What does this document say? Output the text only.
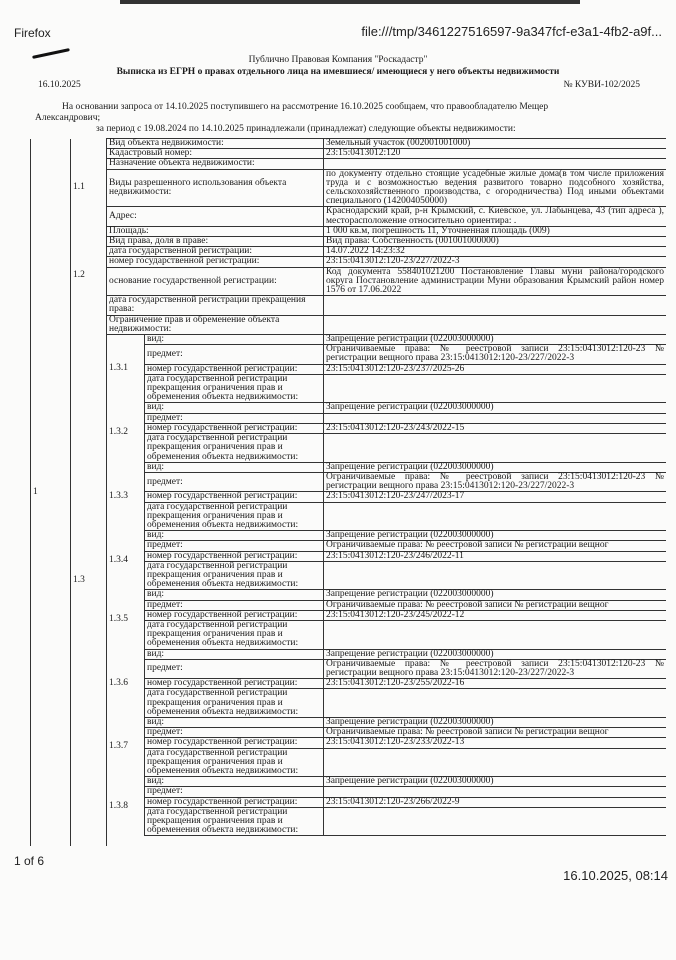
Firefox	file:///tmp/3461227516597-9a347fcf-e3a1-4fb2-a9f...
Публично Правовая Компания "Роскадастр"
Выписка из ЕГРН о правах отдельного лица на имевшиеся/ имеющиеся у него объекты недвижимости
16.10.2025	№ КУВИ-102/2025
На основании запроса от 14.10.2025 поступившего на рассмотрение 16.10.2025 сообщаем, что правообладателю Мещер
Александрович;
за период с 19.08.2024 по 14.10.2025 принадлежали (принадлежат) следующие объекты недвижимости:
1	1.1	Вид объекта недвижимости:		Земельный участок (002001001000)
		Кадастровый номер:		23:15:0413012:120
		Назначение объекта недвижимости:		
		Виды разрешенного использования объекта недвижимости:		по документу отдельно стоящие усадебные жилые дома(в том числе приложения труда и с возможностью ведения развитого товарно подсобного хозяйства, сельскохозяйственного производства, с огородничества) Под иными объектами специального (142004050000)
		Адрес:		Краснодарский край, р-н Крымский, с. Киевское, ул. Лабынцева, 43 (тип адреса ), месторасположение относительно ориентира: .
		Площадь:		1 000 кв.м, погрешность 11, Уточненная площадь (009)
	1.2	Вид права, доля в праве:		Вид права: Собственность (001001000000)
		дата государственной регистрации:		14.07.2022 14:23:32
		номер государственной регистрации:		23:15:0413012:120-23/227/2022-3
		основание государственной регистрации:		Код документа 558401021200 Постановление Главы муни района/городского округа Постановление администрации Муни образования Крымский район номер 1576 от 17.06.2022
		дата государственной регистрации прекращения права:		
	1.3	Ограничение прав и обременение объекта недвижимости:		
		1.3.1	вид:	Запрещение регистрации (022003000000)
			предмет:	Ограничиваемые права: № реестровой записи 23:15:0413012:120-23 № регистрации вещного права 23:15:0413012:120-23/227/2022-3
			номер государственной регистрации:	23:15:0413012:120-23/237/2025-26
			дата государственной регистрации прекращения ограничения прав и обременения объекта недвижимости:	
		1.3.2	вид:	Запрещение регистрации (022003000000)
			предмет:	
			номер государственной регистрации:	23:15:0413012:120-23/243/2022-15
			дата государственной регистрации прекращения ограничения прав и обременения объекта недвижимости:	
		1.3.3	вид:	Запрещение регистрации (022003000000)
			предмет:	Ограничиваемые права: № реестровой записи 23:15:0413012:120-23 № регистрации вещного права 23:15:0413012:120-23/227/2022-3
			номер государственной регистрации:	23:15:0413012:120-23/247/2023-17
			дата государственной регистрации прекращения ограничения прав и обременения объекта недвижимости:	
		1.3.4	вид:	Запрещение регистрации (022003000000)
			предмет:	Ограничиваемые права: № реестровой записи № регистрации вещног
			номер государственной регистрации:	23:15:0413012:120-23/246/2022-11
			дата государственной регистрации прекращения ограничения прав и обременения объекта недвижимости:	
		1.3.5	вид:	Запрещение регистрации (022003000000)
			предмет:	Ограничиваемые права: № реестровой записи № регистрации вещног
			номер государственной регистрации:	23:15:0413012:120-23/245/2022-12
			дата государственной регистрации прекращения ограничения прав и обременения объекта недвижимости:	
		1.3.6	вид:	Запрещение регистрации (022003000000)
			предмет:	Ограничиваемые права: № реестровой записи 23:15:0413012:120-23 № регистрации вещного права 23:15:0413012:120-23/227/2022-3
			номер государственной регистрации:	23:15:0413012:120-23/255/2022-16
			дата государственной регистрации прекращения ограничения прав и обременения объекта недвижимости:	
		1.3.7	вид:	Запрещение регистрации (022003000000)
			предмет:	Ограничиваемые права: № реестровой записи № регистрации вещног
			номер государственной регистрации:	23:15:0413012:120-23/233/2022-13
			дата государственной регистрации прекращения ограничения прав и обременения объекта недвижимости:	
		1.3.8	вид:	Запрещение регистрации (022003000000)
			предмет:	
			номер государственной регистрации:	23:15:0413012:120-23/266/2022-9
			дата государственной регистрации прекращения ограничения прав и обременения объекта недвижимости:	

1 of 6
16.10.2025, 08:14
